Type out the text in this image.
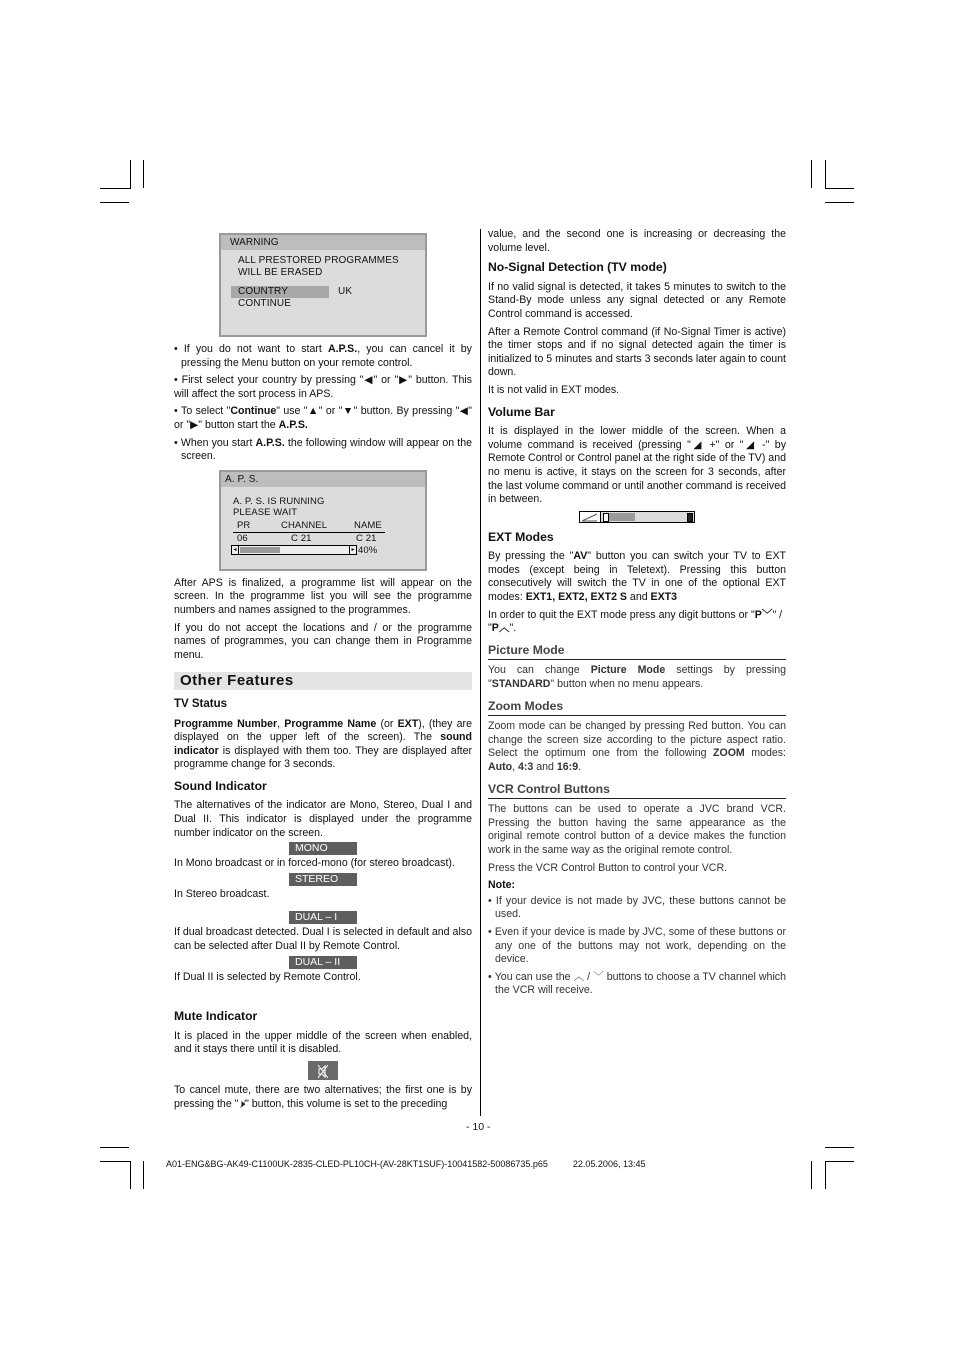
WARNING
ALL PRESTORED PROGRAMMES
WILL BE ERASED
COUNTRY	UK
CONTINUE

• If you do not want to start A.P.S., you can cancel it by pressing the Menu button on your remote control.

• First select your country by pressing "◀" or "▶" button. This will affect the sort process in APS.

• To select "Continue" use "▲" or "▼" button. By pressing "◀" or "▶" button start the A.P.S.

• When you start A.P.S. the following window will appear on the screen.

A. P. S.
A. P. S. IS RUNNING
PLEASE WAIT
PR	CHANNEL	NAME
06	C 21	C 21
◂	▸ 40%

After APS is finalized, a programme list will appear on the screen. In the programme list you will see the programme numbers and names assigned to the programmes.

If you do not accept the locations and / or the programme names of programmes, you can change them in Programme menu.

Other Features
TV Status

Programme Number, Programme Name (or EXT), (they are displayed on the upper left of the screen). The sound indicator is displayed with them too. They are displayed after programme change for 3 seconds.

Sound Indicator

The alternatives of the indicator are Mono, Stereo, Dual I and Dual II. This indicator is displayed under the programme number indicator on the screen.

MONO

In Mono broadcast or in forced-mono (for stereo broadcast).

STEREO

In Stereo broadcast.

DUAL – I

If dual broadcast detected. Dual I is selected in default and also can be selected after Dual II by Remote Control.

DUAL – II

If Dual II is selected by Remote Control.

Mute Indicator

It is placed in the upper middle of the screen when enabled, and it stays there until it is disabled.

To cancel mute, there are two alternatives; the first one is by pressing the "🕨̸" button, this volume is set to the preceding

value, and the second one is increasing or decreasing the volume level.

No-Signal Detection (TV mode)

If no valid signal is detected, it takes 5 minutes to switch to the Stand-By mode unless any signal detected or any Remote Control command is accessed.

After a Remote Control command (if No-Signal Timer is active) the timer stops and if no signal detected again the timer is initialized to 5 minutes and starts 3 seconds later again to count down.

It is not valid in EXT modes.

Volume Bar

It is displayed in the lower middle of the screen. When a volume command is received (pressing "◢ +" or "◢ -" by Remote Control or Control panel at the right side of the TV) and no menu is active, it stays on the screen for 3 seconds, after the last volume command or until another command is received in between.

EXT Modes

By pressing the "AV" button you can switch your TV to EXT modes (except being in Teletext). Pressing this button consecutively will switch the TV in one of the optional EXT modes: EXT1, EXT2, EXT2 S and EXT3

In order to quit the EXT mode press any digit buttons or "P﹀" / "P︿".

Picture Mode

You can change Picture Mode settings by pressing "STANDARD" button when no menu appears.

Zoom Modes

Zoom mode can be changed by pressing Red button. You can change the screen size according to the picture aspect ratio. Select the optimum one from the following ZOOM modes: Auto, 4:3 and 16:9.

VCR Control Buttons

The buttons can be used to operate a JVC brand VCR. Pressing the button having the same appearance as the original remote control button of a device makes the function work in the same way as the original remote control.

Press the VCR Control Button to control your VCR.

Note:

• If your device is not made by JVC, these buttons cannot be used.

• Even if your device is made by JVC, some of these buttons or any one of the buttons may not work, depending on the device.

• You can use the ︿ / ﹀ buttons to choose a TV channel which the VCR will receive.

- 10 -
A01-ENG&BG-AK49-C1100UK-2835-CLED-PL10CH-(AV-28KT1SUF)-10041582-50086735.p65	22.05.2006, 13:45
